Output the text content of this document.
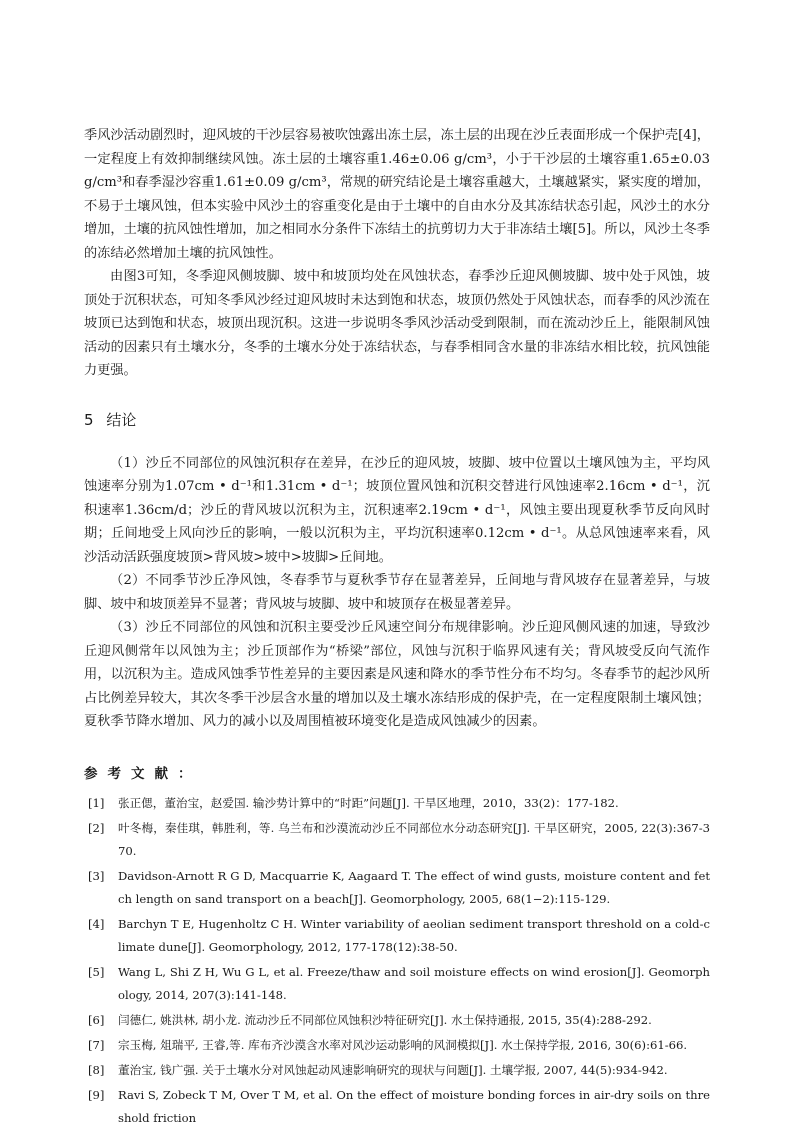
季风沙活动剧烈时，迎风坡的干沙层容易被吹蚀露出冻土层，冻土层的出现在沙丘表面形成一个保护壳[4]，一定程度上有效抑制继续风蚀。冻土层的土壤容重1.46±0.06 g/cm³，小于干沙层的土壤容重1.65±0.03 g/cm³和春季湿沙容重1.61±0.09 g/cm³，常规的研究结论是土壤容重越大，土壤越紧实，紧实度的增加，不易于土壤风蚀，但本实验中风沙土的容重变化是由于土壤中的自由水分及其冻结状态引起，风沙土的水分增加，土壤的抗风蚀性增加，加之相同水分条件下冻结土的抗剪切力大于非冻结土壤[5]。所以，风沙土冬季的冻结必然增加土壤的抗风蚀性。

由图3可知，冬季迎风侧坡脚、坡中和坡顶均处在风蚀状态，春季沙丘迎风侧坡脚、坡中处于风蚀，坡顶处于沉积状态，可知冬季风沙经过迎风坡时未达到饱和状态，坡顶仍然处于风蚀状态，而春季的风沙流在坡顶已达到饱和状态，坡顶出现沉积。这进一步说明冬季风沙活动受到限制，而在流动沙丘上，能限制风蚀活动的因素只有土壤水分，冬季的土壤水分处于冻结状态，与春季相同含水量的非冻结水相比较，抗风蚀能力更强。

5 结论

（1）沙丘不同部位的风蚀沉积存在差异，在沙丘的迎风坡，坡脚、坡中位置以土壤风蚀为主，平均风蚀速率分别为1.07cm • d⁻¹和1.31cm • d⁻¹；坡顶位置风蚀和沉积交替进行风蚀速率2.16cm • d⁻¹，沉积速率1.36cm/d；沙丘的背风坡以沉积为主，沉积速率2.19cm • d⁻¹，风蚀主要出现夏秋季节反向风时期；丘间地受上风向沙丘的影响，一般以沉积为主，平均沉积速率0.12cm • d⁻¹。从总风蚀速率来看，风沙活动活跃强度坡顶>背风坡>坡中>坡脚>丘间地。

（2）不同季节沙丘净风蚀，冬春季节与夏秋季节存在显著差异，丘间地与背风坡存在显著差异，与坡脚、坡中和坡顶差异不显著；背风坡与坡脚、坡中和坡顶存在极显著差异。

（3）沙丘不同部位的风蚀和沉积主要受沙丘风速空间分布规律影响。沙丘迎风侧风速的加速，导致沙丘迎风侧常年以风蚀为主；沙丘顶部作为“桥梁”部位，风蚀与沉积于临界风速有关；背风坡受反向气流作用，以沉积为主。造成风蚀季节性差异的主要因素是风速和降水的季节性分布不均匀。冬春季节的起沙风所占比例差异较大，其次冬季干沙层含水量的增加以及土壤水冻结形成的保护壳，在一定程度限制土壤风蚀；夏秋季节降水增加、风力的减小以及周围植被环境变化是造成风蚀减少的因素。

参考文献：
[1] 张正偲，董治宝，赵爱国. 输沙势计算中的“时距”问题[J]. 干旱区地理，2010，33(2)：177-182.
[2] 叶冬梅，秦佳琪，韩胜利，等. 乌兰布和沙漠流动沙丘不同部位水分动态研究[J]. 干旱区研究，2005, 22(3):367-370.
[3] Davidson-Arnott R G D, Macquarrie K, Aagaard T. The effect of wind gusts, moisture content and fetch length on sand transport on a beach[J]. Geomorphology, 2005, 68(1−2):115-129.
[4] Barchyn T E, Hugenholtz C H. Winter variability of aeolian sediment transport threshold on a cold-climate dune[J]. Geomorphology, 2012, 177-178(12):38-50.
[5] Wang L, Shi Z H, Wu G L, et al. Freeze/thaw and soil moisture effects on wind erosion[J]. Geomorphology, 2014, 207(3):141-148.
[6] 闫德仁, 姚洪林, 胡小龙. 流动沙丘不同部位风蚀积沙特征研究[J]. 水土保持通报, 2015, 35(4):288-292.
[7] 宗玉梅, 俎瑞平, 王睿,等. 库布齐沙漠含水率对风沙运动影响的风洞模拟[J]. 水土保持学报, 2016, 30(6):61-66.
[8] 董治宝, 钱广强. 关于土壤水分对风蚀起动风速影响研究的现状与问题[J]. 土壤学报, 2007, 44(5):934-942.
[9] Ravi S, Zobeck T M, Over T M, et al. On the effect of moisture bonding forces in air-dry soils on threshold friction
